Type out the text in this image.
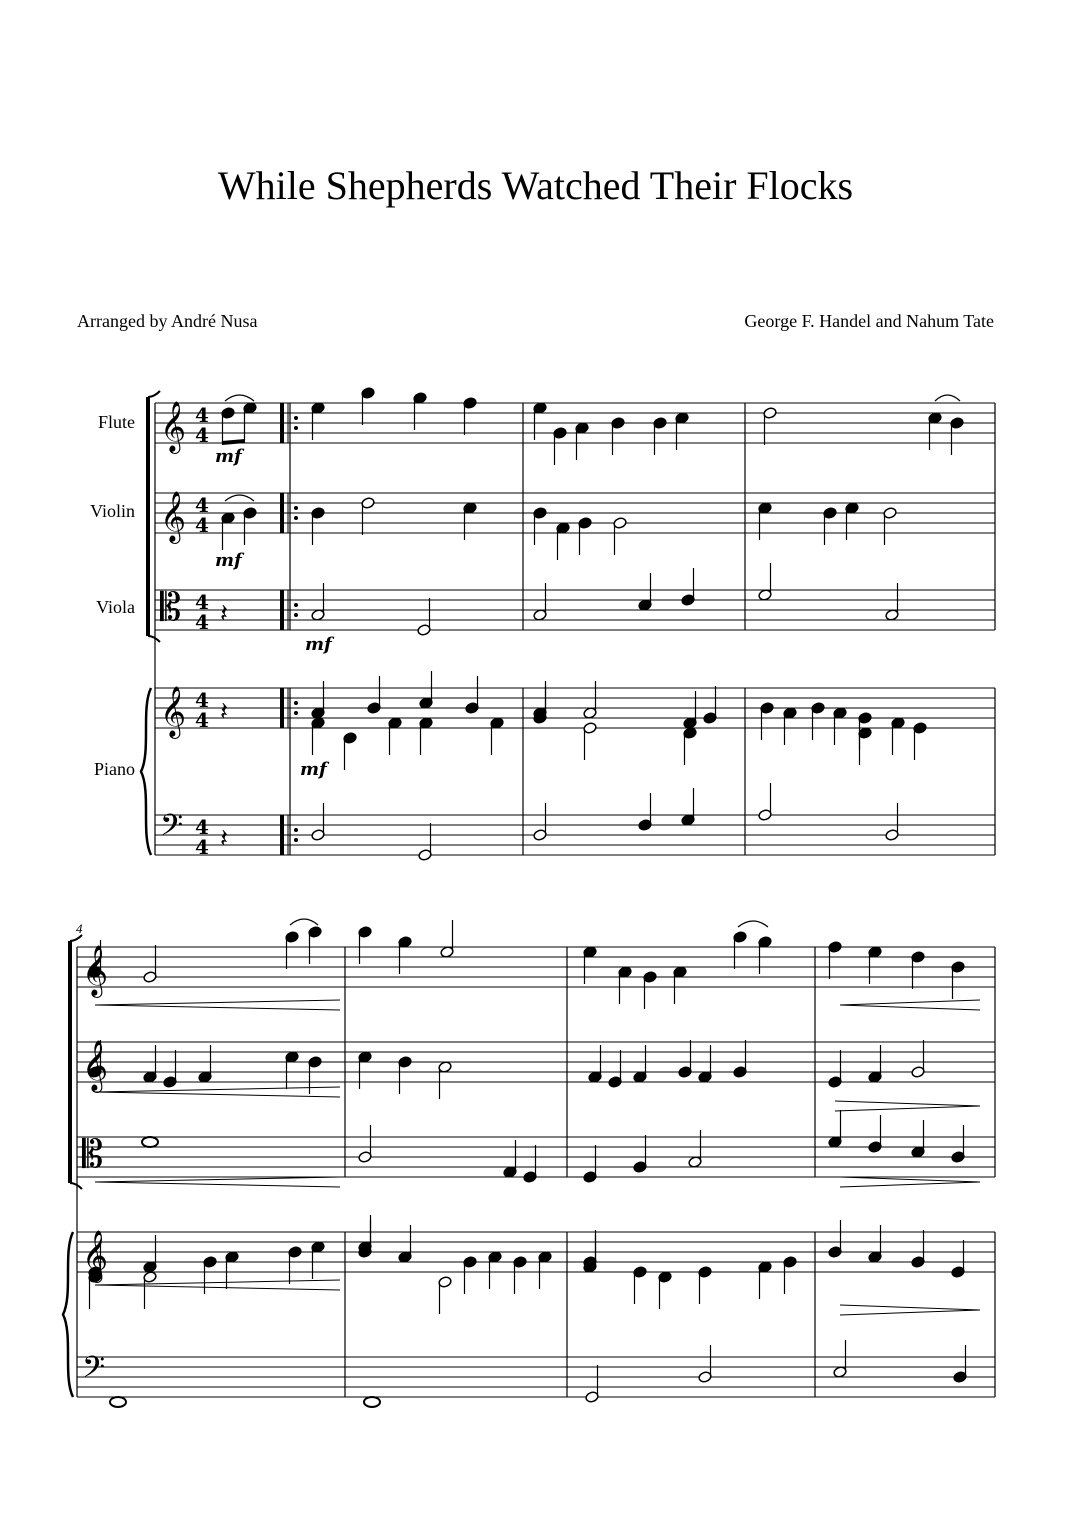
While Shepherds Watched Their Flocks
Arranged by André Nusa	George F. Handel and Nahum Tate
Flute
Violin
Viola
Piano
4
𝄞
𝄞
𝄡
𝄞
𝄢
4
4
4
4
4
4
4
4
4
4
𝄞
𝄞
𝄡
𝄞
𝄢
𝄽
𝄽
𝄽
mf
mf
mf
mf
